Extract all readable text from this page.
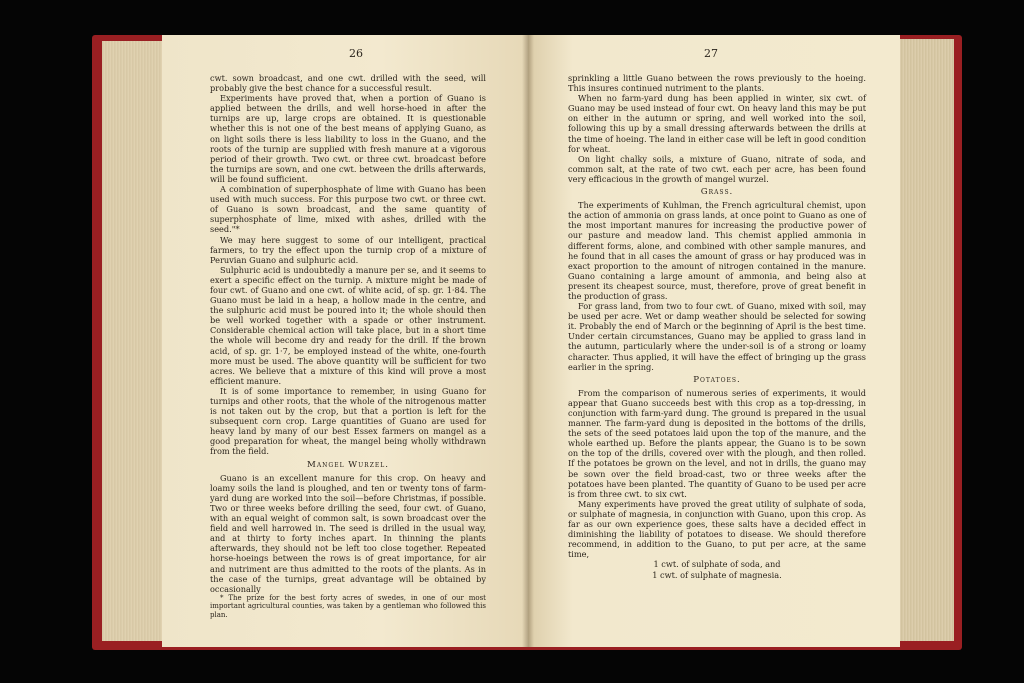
26

cwt. sown broadcast, and one cwt. drilled with the seed, will probably give the best chance for a successful result.

Experiments have proved that, when a portion of Guano is applied between the drills, and well horse-hoed in after the turnips are up, large crops are obtained. It is questionable whether this is not one of the best means of applying Guano, as on light soils there is less liability to loss in the Guano, and the roots of the turnip are supplied with fresh manure at a vigorous period of their growth. Two cwt. or three cwt. broadcast before the turnips are sown, and one cwt. between the drills afterwards, will be found sufficient.

A combination of superphosphate of lime with Guano has been used with much success. For this purpose two cwt. or three cwt. of Guano is sown broadcast, and the same quantity of superphosphate of lime, mixed with ashes, drilled with the seed."*

We may here suggest to some of our intelligent, practical farmers, to try the effect upon the turnip crop of a mixture of Peruvian Guano and sulphuric acid.

Sulphuric acid is undoubtedly a manure per se, and it seems to exert a specific effect on the turnip. A mixture might be made of four cwt. of Guano and one cwt. of white acid, of sp. gr. 1·84. The Guano must be laid in a heap, a hollow made in the centre, and the sulphuric acid must be poured into it; the whole should then be well worked together with a spade or other instrument. Considerable chemical action will take place, but in a short time the whole will become dry and ready for the drill. If the brown acid, of sp. gr. 1·7, be employed instead of the white, one-fourth more must be used. The above quantity will be sufficient for two acres. We believe that a mixture of this kind will prove a most efficient manure.

It is of some importance to remember, in using Guano for turnips and other roots, that the whole of the nitrogenous matter is not taken out by the crop, but that a portion is left for the subsequent corn crop. Large quantities of Guano are used for heavy land by many of our best Essex farmers on mangel as a good preparation for wheat, the mangel being wholly withdrawn from the field.

Mangel Wurzel.

Guano is an excellent manure for this crop. On heavy and loamy soils the land is ploughed, and ten or twenty tons of farm-yard dung are worked into the soil—before Christmas, if possible. Two or three weeks before drilling the seed, four cwt. of Guano, with an equal weight of common salt, is sown broadcast over the field and well harrowed in. The seed is drilled in the usual way, and at thirty to forty inches apart. In thinning the plants afterwards, they should not be left too close together. Repeated horse-hoeings between the rows is of great importance, for air and nutriment are thus admitted to the roots of the plants. As in the case of the turnips, great advantage will be obtained by occasionally

* The prize for the best forty acres of swedes, in one of our most important agricultural counties, was taken by a gentleman who followed this plan.

27

sprinkling a little Guano between the rows previously to the hoeing. This insures continued nutriment to the plants.

When no farm-yard dung has been applied in winter, six cwt. of Guano may be used instead of four cwt. On heavy land this may be put on either in the autumn or spring, and well worked into the soil, following this up by a small dressing afterwards between the drills at the time of hoeing. The land in either case will be left in good condition for wheat.

On light chalky soils, a mixture of Guano, nitrate of soda, and common salt, at the rate of two cwt. each per acre, has been found very efficacious in the growth of mangel wurzel.

Grass.

The experiments of Kuhlman, the French agricultural chemist, upon the action of ammonia on grass lands, at once point to Guano as one of the most important manures for increasing the productive power of our pasture and meadow land. This chemist applied ammonia in different forms, alone, and combined with other sample manures, and he found that in all cases the amount of grass or hay produced was in exact proportion to the amount of nitrogen contained in the manure. Guano containing a large amount of ammonia, and being also at present its cheapest source, must, therefore, prove of great benefit in the production of grass.

For grass land, from two to four cwt. of Guano, mixed with soil, may be used per acre. Wet or damp weather should be selected for sowing it. Probably the end of March or the beginning of April is the best time. Under certain circumstances, Guano may be applied to grass land in the autumn, particularly where the under-soil is of a strong or loamy character. Thus applied, it will have the effect of bringing up the grass earlier in the spring.

Potatoes.

From the comparison of numerous series of experiments, it would appear that Guano succeeds best with this crop as a top-dressing, in conjunction with farm-yard dung. The ground is prepared in the usual manner. The farm-yard dung is deposited in the bottoms of the drills, the sets of the seed potatoes laid upon the top of the manure, and the whole earthed up. Before the plants appear, the Guano is to be sown on the top of the drills, covered over with the plough, and then rolled. If the potatoes be grown on the level, and not in drills, the guano may be sown over the field broad-cast, two or three weeks after the potatoes have been planted. The quantity of Guano to be used per acre is from three cwt. to six cwt.

Many experiments have proved the great utility of sulphate of soda, or sulphate of magnesia, in conjunction with Guano, upon this crop. As far as our own experience goes, these salts have a decided effect in diminishing the liability of potatoes to disease. We should therefore recommend, in addition to the Guano, to put per acre, at the same time,

1 cwt. of sulphate of soda, and

1 cwt. of sulphate of magnesia.
